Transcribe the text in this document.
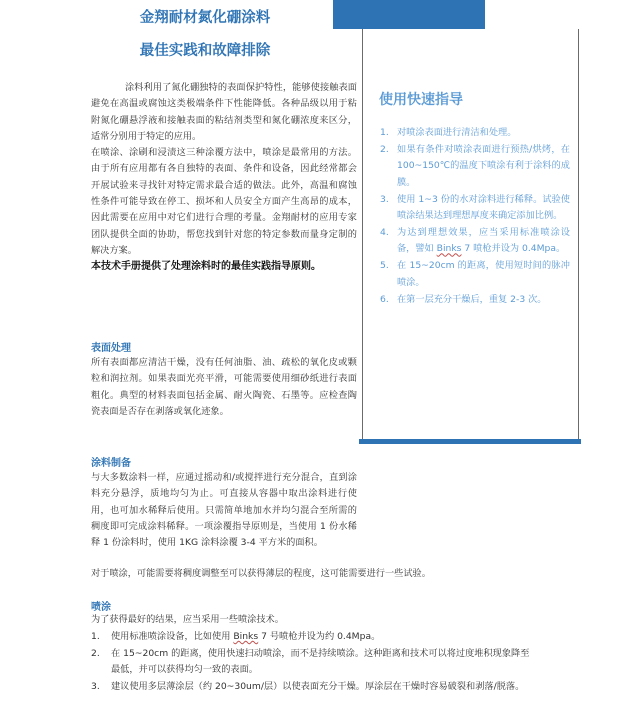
金翔耐材氮化硼涂料
最佳实践和故障排除

涂料利用了氮化硼独特的表面保护特性，能够使接触表面避免在高温或腐蚀这类极端条件下性能降低。各种品级以用于粘附氮化硼悬浮液和接触表面的粘结剂类型和氮化硼浓度来区分，适常分别用于特定的应用。

在喷涂、涂刷和浸渍这三种涂覆方法中，喷涂是最常用的方法。由于所有应用都有各自独特的表面、条件和设备，因此经常都会开展试验来寻找针对特定需求最合适的做法。此外，高温和腐蚀性条件可能导致在停工、损坏和人员安全方面产生高昂的成本，因此需要在应用中对它们进行合理的考量。金翔耐材的应用专家团队提供全面的协助，帮您找到针对您的特定参数而量身定制的解决方案。

本技术手册提供了处理涂料时的最佳实践指导原则。

表面处理

所有表面都应清洁干燥，没有任何油脂、油、疏松的氧化皮或颗粒和润拉剂。如果表面光亮平滑，可能需要使用细砂纸进行表面粗化。典型的材料表面包括金属、耐火陶瓷、石墨等。应检查陶瓷表面是否存在剥落或氧化迹象。

涂料制备

与大多数涂料一样，应通过摇动和/或搅拌进行充分混合，直到涂料充分悬浮，质地均匀为止。可直接从容器中取出涂料进行使用，也可加水稀释后使用。只需简单地加水并均匀混合至所需的稠度即可完成涂料稀释。一项涂覆指导原则是，当使用 1 份水稀释 1 份涂料时，使用 1KG 涂料涂覆 3-4 平方米的面积。

对于喷涂，可能需要将稠度调整至可以获得薄层的程度，这可能需要进行一些试验。

喷涂

为了获得最好的结果，应当采用一些喷涂技术。

1. 使用标准喷涂设备，比如使用 Binks 7 号喷枪并设为约 0.4Mpa。
2. 在 15~20cm 的距离，使用快速扫动喷涂，而不是持续喷涂。这种距离和技术可以将过度堆积现象降至最低，并可以获得均匀一致的表面。
3. 建议使用多层薄涂层（约 20~30um/层）以使表面充分干燥。厚涂层在干燥时容易破裂和剥落/脱落。
使用快速指导
1. 对喷涂表面进行清洁和处理。
2. 如果有条件对喷涂表面进行预热/烘烤，在 100~150℃的温度下喷涂有利于涂料的成膜。
3. 使用 1~3 份的水对涂料进行稀释。试验使喷涂结果达到理想厚度来确定添加比例。
4. 为达到理想效果，应当采用标准喷涂设备，譬如 Binks 7 喷枪并设为 0.4Mpa。
5. 在 15~20cm 的距离，使用短时间的脉冲喷涂。
6. 在第一层充分干燥后，重复 2-3 次。
